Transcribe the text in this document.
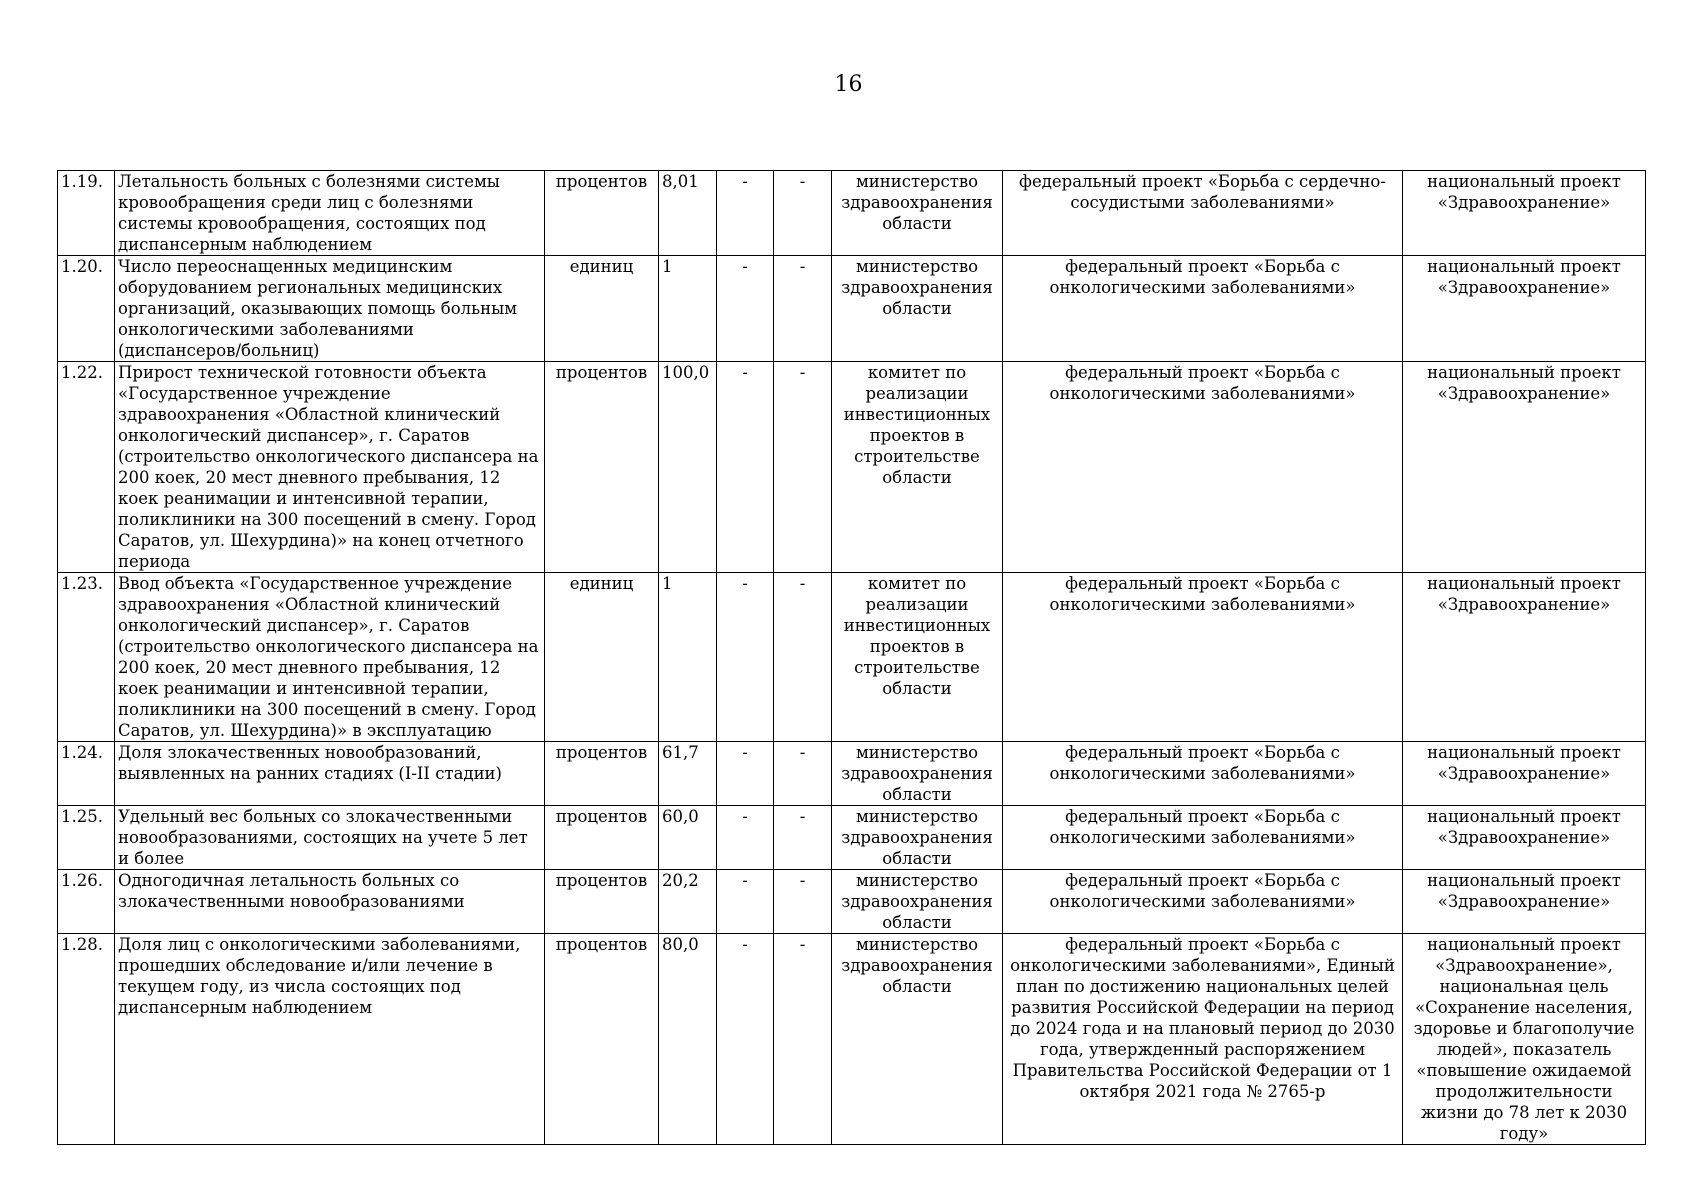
16
1.19.	Летальность больных с болезнями системы кровообращения среди лиц с болезнями системы кровообращения, состоящих под диспансерным наблюдением	процентов	8,01	-	-	министерство здравоохранения области	федеральный проект «Борьба с сердечно-сосудистыми заболеваниями»	национальный проект «Здравоохранение»
1.20.	Число переоснащенных медицинским оборудованием региональных медицинских организаций, оказывающих помощь больным онкологическими заболеваниями (диспансеров/больниц)	единиц	1	-	-	министерство здравоохранения области	федеральный проект «Борьба с онкологическими заболеваниями»	национальный проект «Здравоохранение»
1.22.	Прирост технической готовности объекта «Государственное учреждение здравоохранения «Областной клинический онкологический диспансер», г. Саратов (строительство онкологического диспансера на 200 коек, 20 мест дневного пребывания, 12 коек реанимации и интенсивной терапии, поликлиники на 300 посещений в смену. Город Саратов, ул. Шехурдина)» на конец отчетного периода	процентов	100,0	-	-	комитет по реализации инвестиционных проектов в строительстве области	федеральный проект «Борьба с онкологическими заболеваниями»	национальный проект «Здравоохранение»
1.23.	Ввод объекта «Государственное учреждение здравоохранения «Областной клинический онкологический диспансер», г. Саратов (строительство онкологического диспансера на 200 коек, 20 мест дневного пребывания, 12 коек реанимации и интенсивной терапии, поликлиники на 300 посещений в смену. Город Саратов, ул. Шехурдина)» в эксплуатацию	единиц	1	-	-	комитет по реализации инвестиционных проектов в строительстве области	федеральный проект «Борьба с онкологическими заболеваниями»	национальный проект «Здравоохранение»
1.24.	Доля злокачественных новообразований, выявленных на ранних стадиях (I-II стадии)	процентов	61,7	-	-	министерство здравоохранения области	федеральный проект «Борьба с онкологическими заболеваниями»	национальный проект «Здравоохранение»
1.25.	Удельный вес больных со злокачественными новообразованиями, состоящих на учете 5 лет и более	процентов	60,0	-	-	министерство здравоохранения области	федеральный проект «Борьба с онкологическими заболеваниями»	национальный проект «Здравоохранение»
1.26.	Одногодичная летальность больных со злокачественными новообразованиями	процентов	20,2	-	-	министерство здравоохранения области	федеральный проект «Борьба с онкологическими заболеваниями»	национальный проект «Здравоохранение»
1.28.	Доля лиц с онкологическими заболеваниями, прошедших обследование и/или лечение в текущем году, из числа состоящих под диспансерным наблюдением	процентов	80,0	-	-	министерство здравоохранения области	федеральный проект «Борьба с онкологическими заболеваниями», Единый план по достижению национальных целей развития Российской Федерации на период до 2024 года и на плановый период до 2030 года, утвержденный распоряжением Правительства Российской Федерации от 1 октября 2021 года № 2765-р	национальный проект «Здравоохранение», национальная цель «Сохранение населения, здоровье и благополучие людей», показатель «повышение ожидаемой продолжительности жизни до 78 лет к 2030 году»
